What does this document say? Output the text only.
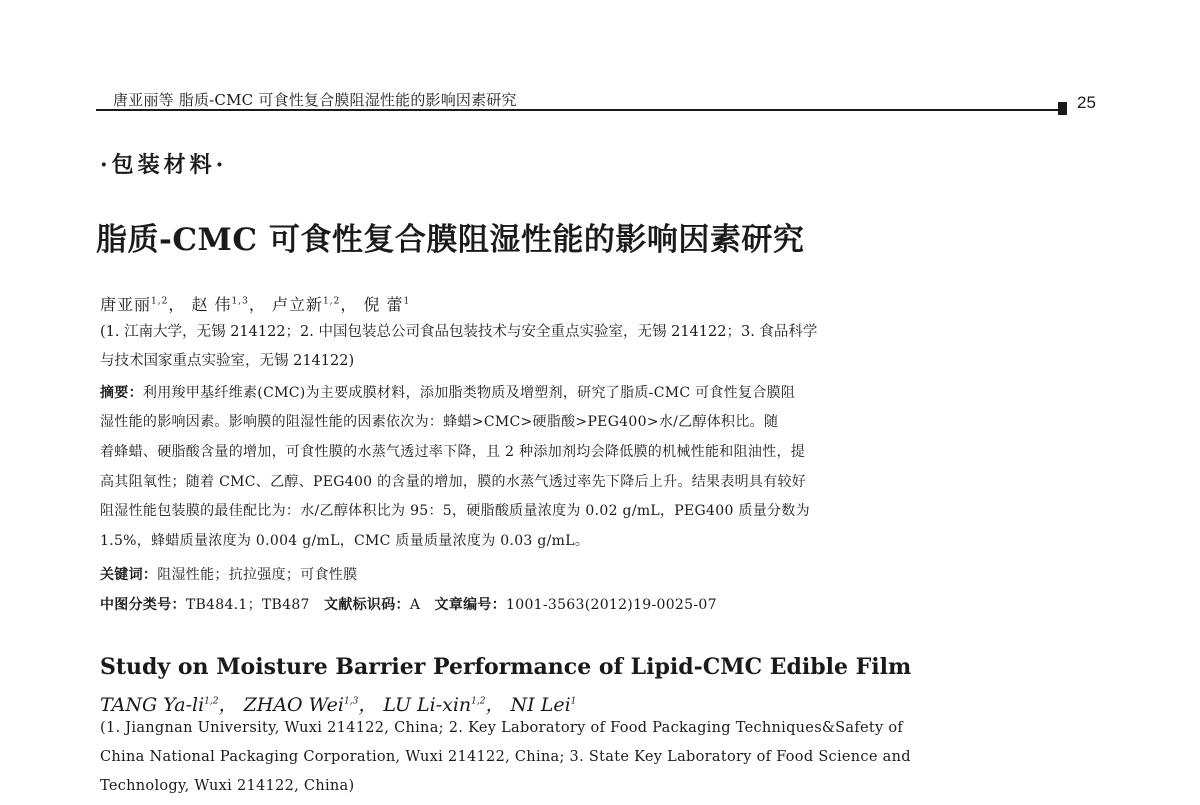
唐亚丽等 脂质-CMC 可食性复合膜阻湿性能的影响因素研究	25
·包装材料·
脂质-CMC 可食性复合膜阻湿性能的影响因素研究
唐亚丽$^{1,2}$， 赵 伟$^{1,3}$， 卢立新$^{1,2}$， 倪 蕾$^1$
(1. 江南大学，无锡 214122；2. 中国包装总公司食品包装技术与安全重点实验室，无锡 214122；3. 食品科学
与技术国家重点实验室，无锡 214122)
摘要：利用羧甲基纤维素(CMC)为主要成膜材料，添加脂类物质及增塑剂，研究了脂质-CMC 可食性复合膜阻
湿性能的影响因素。影响膜的阻湿性能的因素依次为：蜂蜡>CMC>硬脂酸>PEG400>水/乙醇体积比。随
着蜂蜡、硬脂酸含量的增加，可食性膜的水蒸气透过率下降，且 2 种添加剂均会降低膜的机械性能和阻油性，提
高其阻氧性；随着 CMC、乙醇、PEG400 的含量的增加，膜的水蒸气透过率先下降后上升。结果表明具有较好
阻湿性能包装膜的最佳配比为：水/乙醇体积比为 95：5，硬脂酸质量浓度为 0.02 g/mL，PEG400 质量分数为
1.5%，蜂蜡质量浓度为 0.004 g/mL，CMC 质量质量浓度为 0.03 g/mL。
关键词：阻湿性能；抗拉强度；可食性膜
中图分类号：TB484.1；TB487 文献标识码：A 文章编号：1001-3563(2012)19-0025-07
Study on Moisture Barrier Performance of Lipid-CMC Edible Film
TANG Ya-li$^{1,2}$， ZHAO Wei$^{1,3}$， LU Li-xin$^{1,2}$， NI Lei$^1$
(1. Jiangnan University, Wuxi 214122, China; 2. Key Laboratory of Food Packaging Techniques&Safety of
China National Packaging Corporation, Wuxi 214122, China; 3. State Key Laboratory of Food Science and
Technology, Wuxi 214122, China)
